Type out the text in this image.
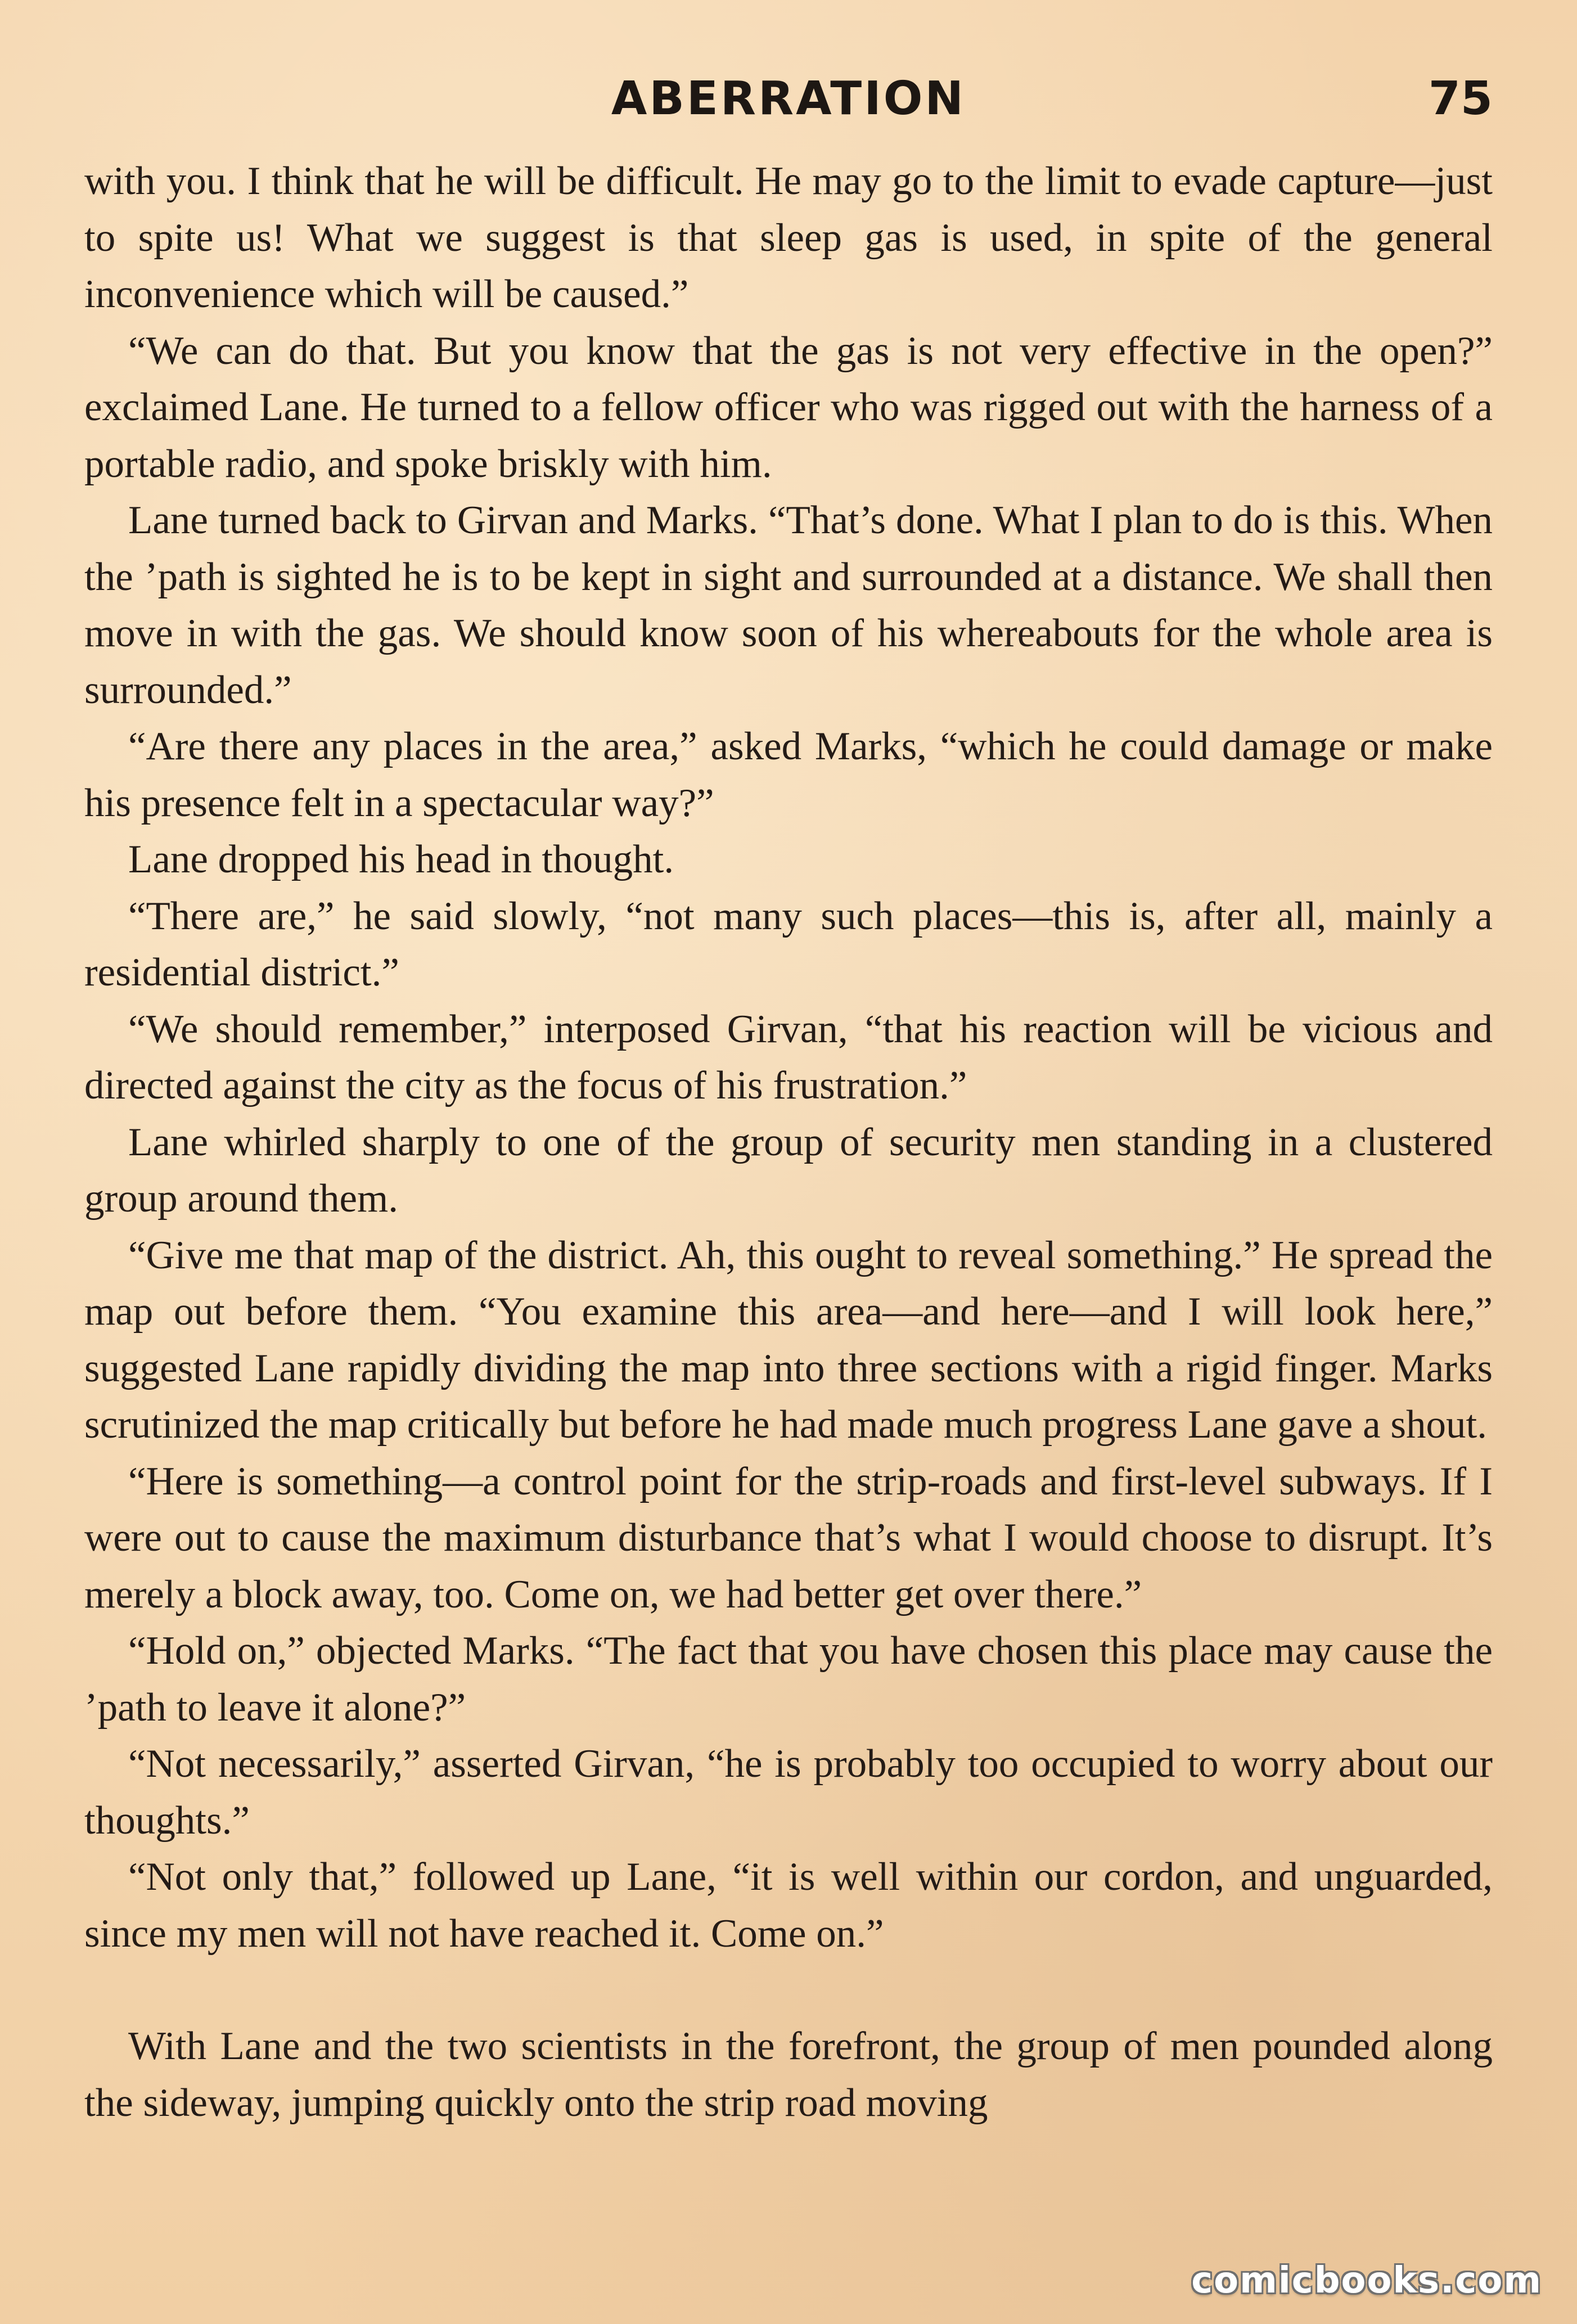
ABERRATION	75

with you. I think that he will be difficult. He may go to the limit to evade capture—just to spite us! What we suggest is that sleep gas is used, in spite of the general inconvenience which will be caused.”

“We can do that. But you know that the gas is not very effective in the open?” exclaimed Lane. He turned to a fellow officer who was rigged out with the harness of a portable radio, and spoke briskly with him.

Lane turned back to Girvan and Marks. “That’s done. What I plan to do is this. When the ’path is sighted he is to be kept in sight and surrounded at a distance. We shall then move in with the gas. We should know soon of his whereabouts for the whole area is surrounded.”

“Are there any places in the area,” asked Marks, “which he could damage or make his presence felt in a spectacular way?”

Lane dropped his head in thought.

“There are,” he said slowly, “not many such places—this is, after all, mainly a residential district.”

“We should remember,” interposed Girvan, “that his reaction will be vicious and directed against the city as the focus of his frustration.”

Lane whirled sharply to one of the group of security men standing in a clustered group around them.

“Give me that map of the district. Ah, this ought to reveal something.” He spread the map out before them. “You examine this area—and here—and I will look here,” suggested Lane rapidly dividing the map into three sections with a rigid finger. Marks scrutinized the map critically but before he had made much progress Lane gave a shout.

“Here is something—a control point for the strip-roads and first-level subways. If I were out to cause the maximum disturbance that’s what I would choose to disrupt. It’s merely a block away, too. Come on, we had better get over there.”

“Hold on,” objected Marks. “The fact that you have chosen this place may cause the ’path to leave it alone?”

“Not necessarily,” asserted Girvan, “he is probably too occupied to worry about our thoughts.”

“Not only that,” followed up Lane, “it is well within our cordon, and unguarded, since my men will not have reached it. Come on.”

With Lane and the two scientists in the forefront, the group of men pounded along the sideway, jumping quickly onto the strip road moving

comicbooks.com
